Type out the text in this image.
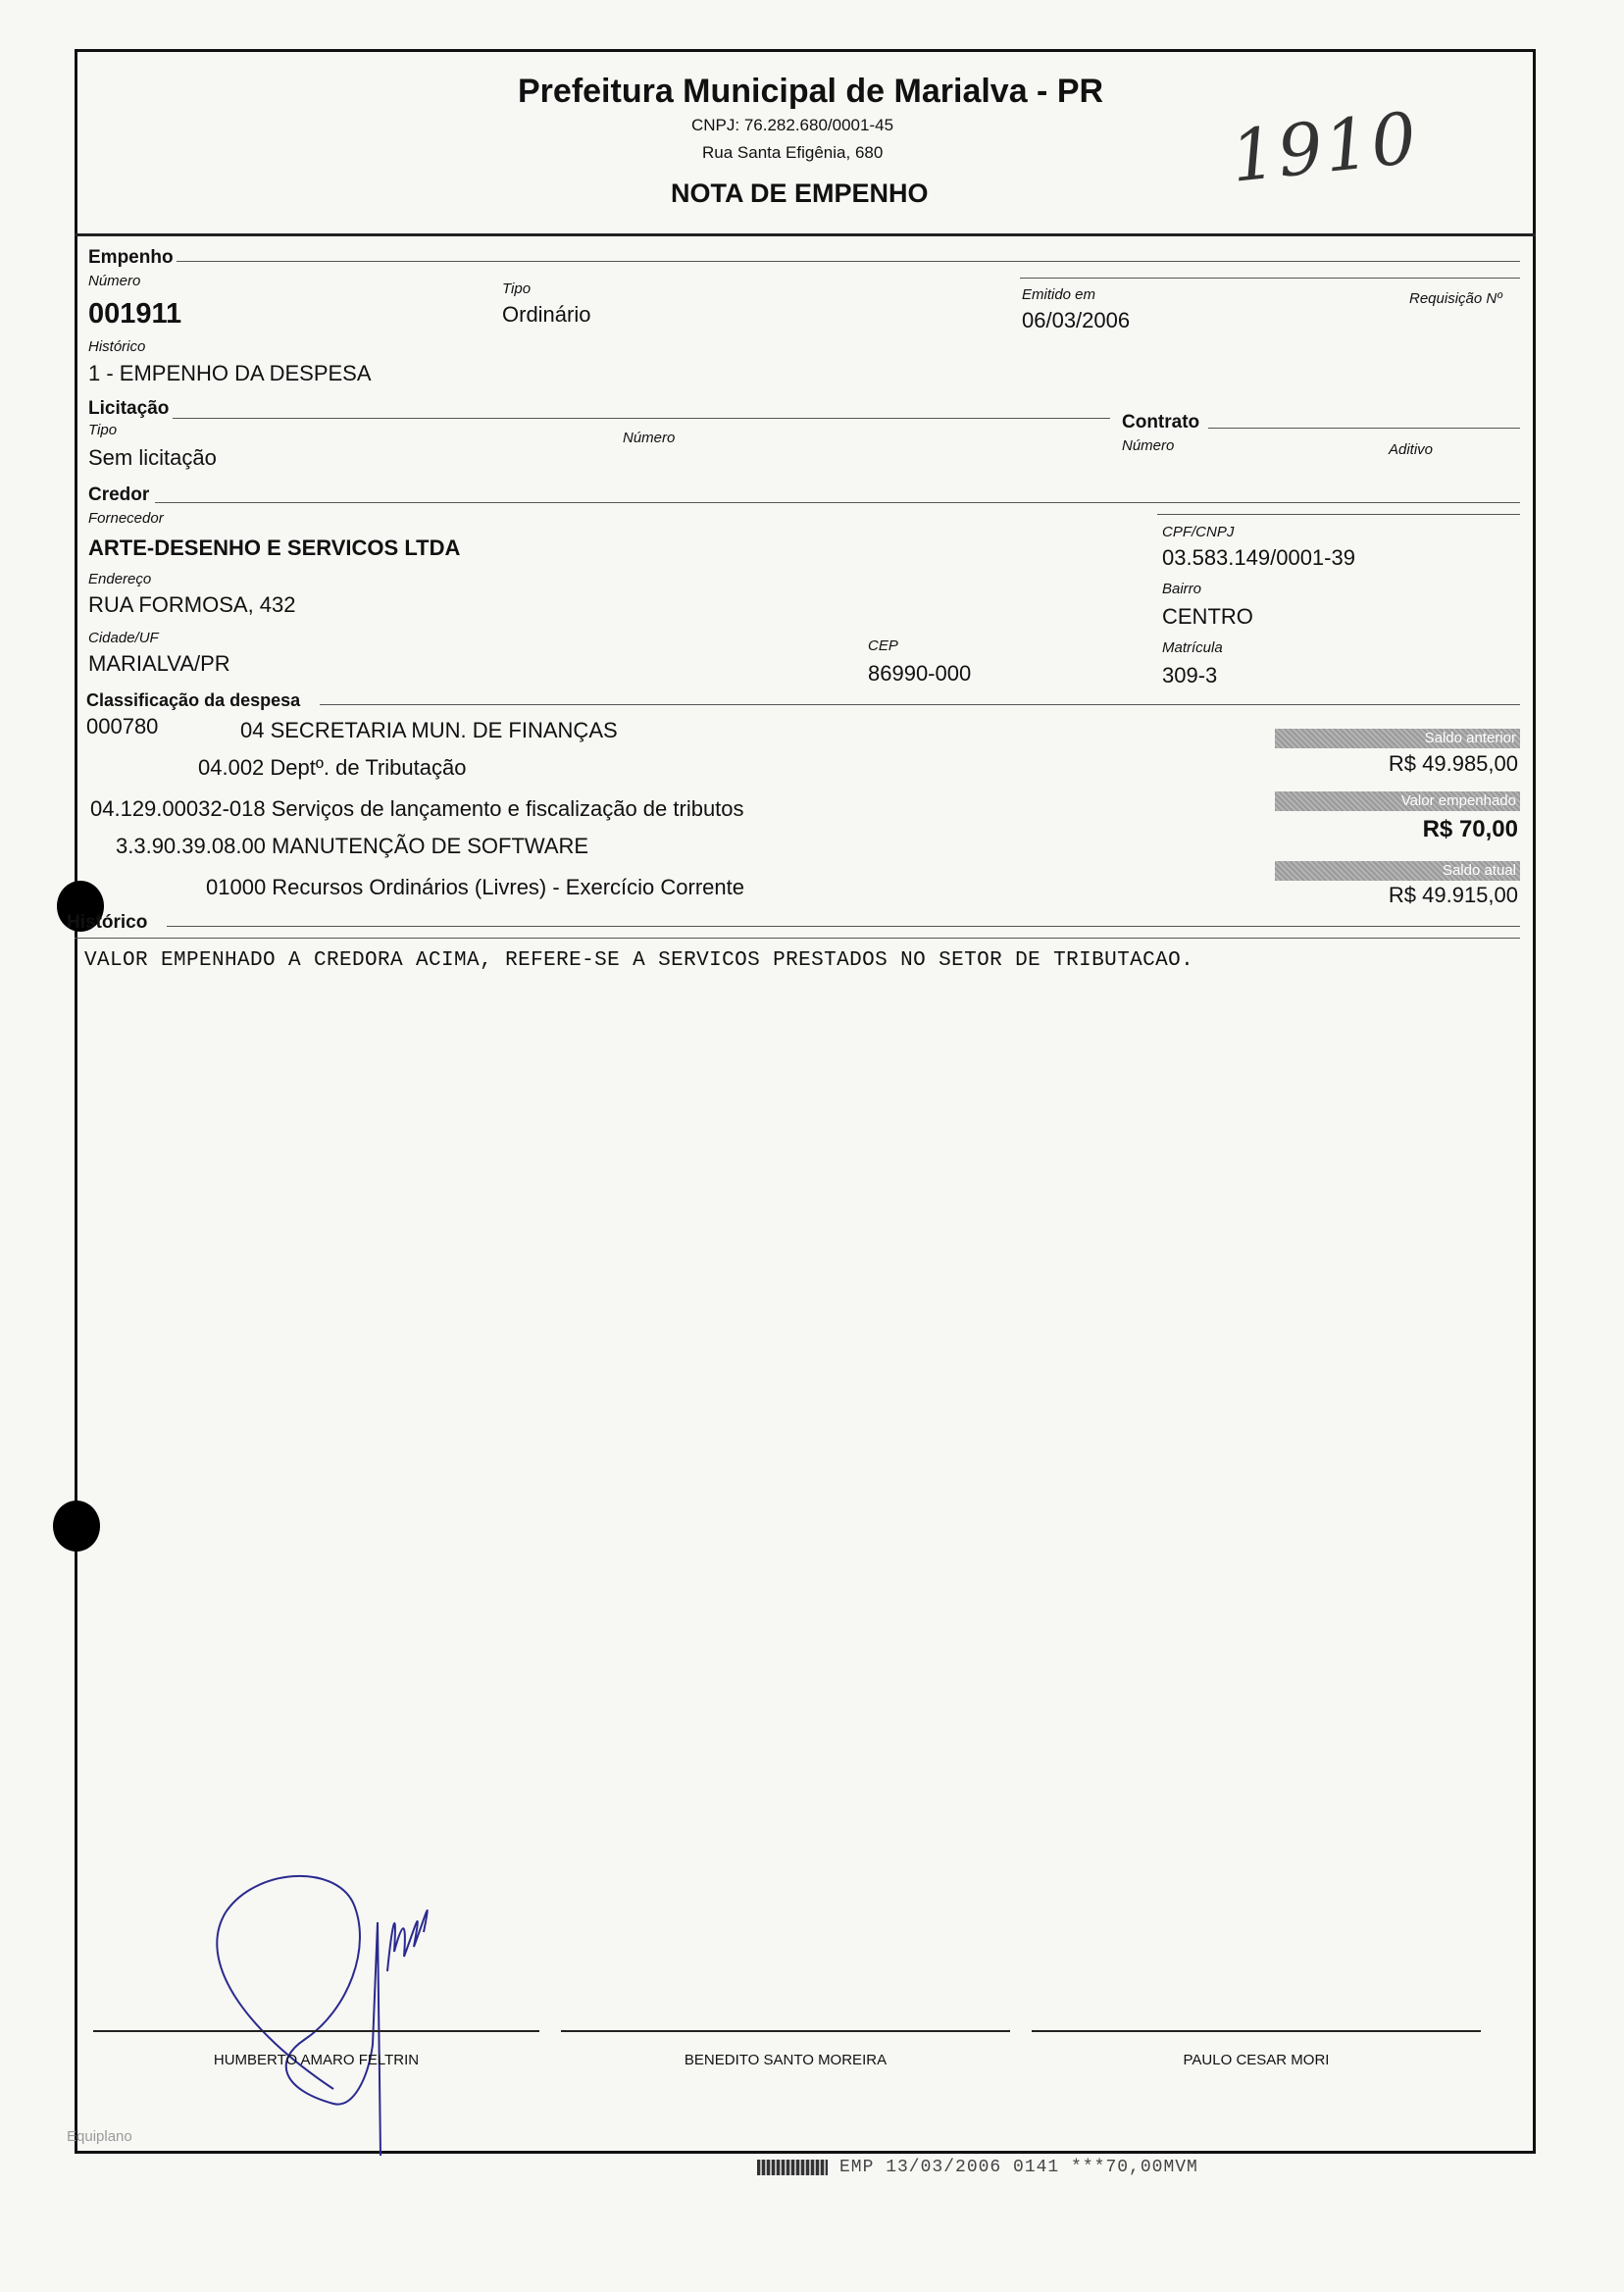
Prefeitura Municipal de Marialva - PR
CNPJ: 76.282.680/0001-45
Rua Santa Efigênia, 680
NOTA DE EMPENHO	1910
Empenho
Número
001911
Tipo
Ordinário
Emitido em
06/03/2006
Requisição Nº
Histórico
1 - EMPENHO DA DESPESA
Licitação
Tipo
Sem licitação
Número
Contrato
Número	Aditivo
Credor
Fornecedor
ARTE-DESENHO E SERVICOS LTDA
CPF/CNPJ
03.583.149/0001-39
Endereço
RUA FORMOSA, 432
Bairro
CENTRO
Cidade/UF
MARIALVA/PR
CEP
86990-000
Matrícula
309-3
Classificação da despesa
000780	04 SECRETARIA MUN. DE FINANÇAS
04.002 Deptº. de Tributação
04.129.00032-018 Serviços de lançamento e fiscalização de tributos
3.3.90.39.08.00 MANUTENÇÃO DE SOFTWARE
01000 Recursos Ordinários (Livres) - Exercício Corrente
Saldo anterior
R$ 49.985,00
Valor empenhado
R$ 70,00
Saldo atual
R$ 49.915,00
Histórico
VALOR EMPENHADO A CREDORA ACIMA, REFERE-SE A SERVICOS PRESTADOS NO SETOR DE TRIBUTACAO.
HUMBERTO AMARO FELTRIN	BENEDITO SANTO MOREIRA	PAULO CESAR MORI
Equiplano
EMP 13/03/2006 0141 ***70,00MVM
